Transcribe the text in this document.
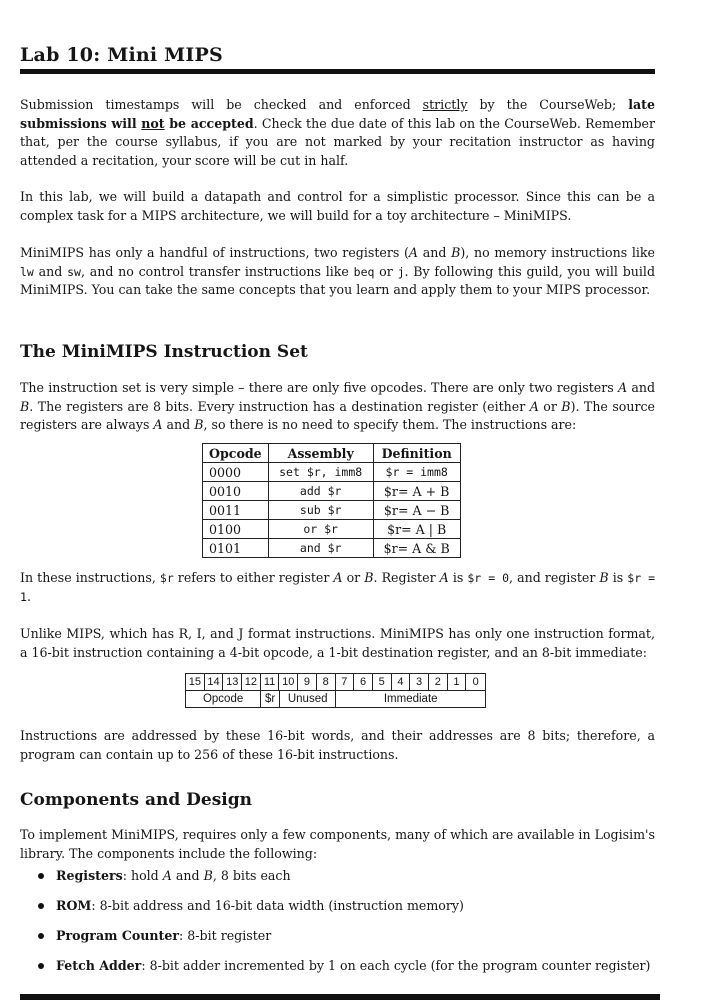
Lab 10: Mini MIPS
Submission timestamps will be checked and enforced strictly by the CourseWeb; late submissions will not be accepted. Check the due date of this lab on the CourseWeb. Remember that, per the course syllabus, if you are not marked by your recitation instructor as having attended a recitation, your score will be cut in half.
In this lab, we will build a datapath and control for a simplistic processor. Since this can be a complex task for a MIPS architecture, we will build for a toy architecture – MiniMIPS.
MiniMIPS has only a handful of instructions, two registers (A and B), no memory instructions like lw and sw, and no control transfer instructions like beq or j. By following this guild, you will build MiniMIPS. You can take the same concepts that you learn and apply them to your MIPS processor.
The MiniMIPS Instruction Set
The instruction set is very simple – there are only five opcodes. There are only two registers A and B. The registers are 8 bits. Every instruction has a destination register (either A or B). The source registers are always A and B, so there is no need to specify them. The instructions are:
Opcode	Assembly	Definition
0000	set $r, imm8	$r = imm8
0010	add $r	$r= A + B
0011	sub $r	$r= A − B
0100	or $r	$r= A | B
0101	and $r	$r= A & B
In these instructions, $r refers to either register A or B. Register A is $r = 0, and register B is $r = 1.
Unlike MIPS, which has R, I, and J format instructions. MiniMIPS has only one instruction format, a 16-bit instruction containing a 4-bit opcode, a 1-bit destination register, and an 8-bit immediate:
15 14 13 12 11 10 9	8	7	6	5	4	3	2	1	0
Opcode	$r	Unused	Immediate
Instructions are addressed by these 16-bit words, and their addresses are 8 bits; therefore, a program can contain up to 256 of these 16-bit instructions.
Components and Design
To implement MiniMIPS, requires only a few components, many of which are available in Logisim's library. The components include the following:
Registers: hold A and B, 8 bits each
ROM: 8-bit address and 16-bit data width (instruction memory)
Program Counter: 8-bit register
Fetch Adder: 8-bit adder incremented by 1 on each cycle (for the program counter register)
